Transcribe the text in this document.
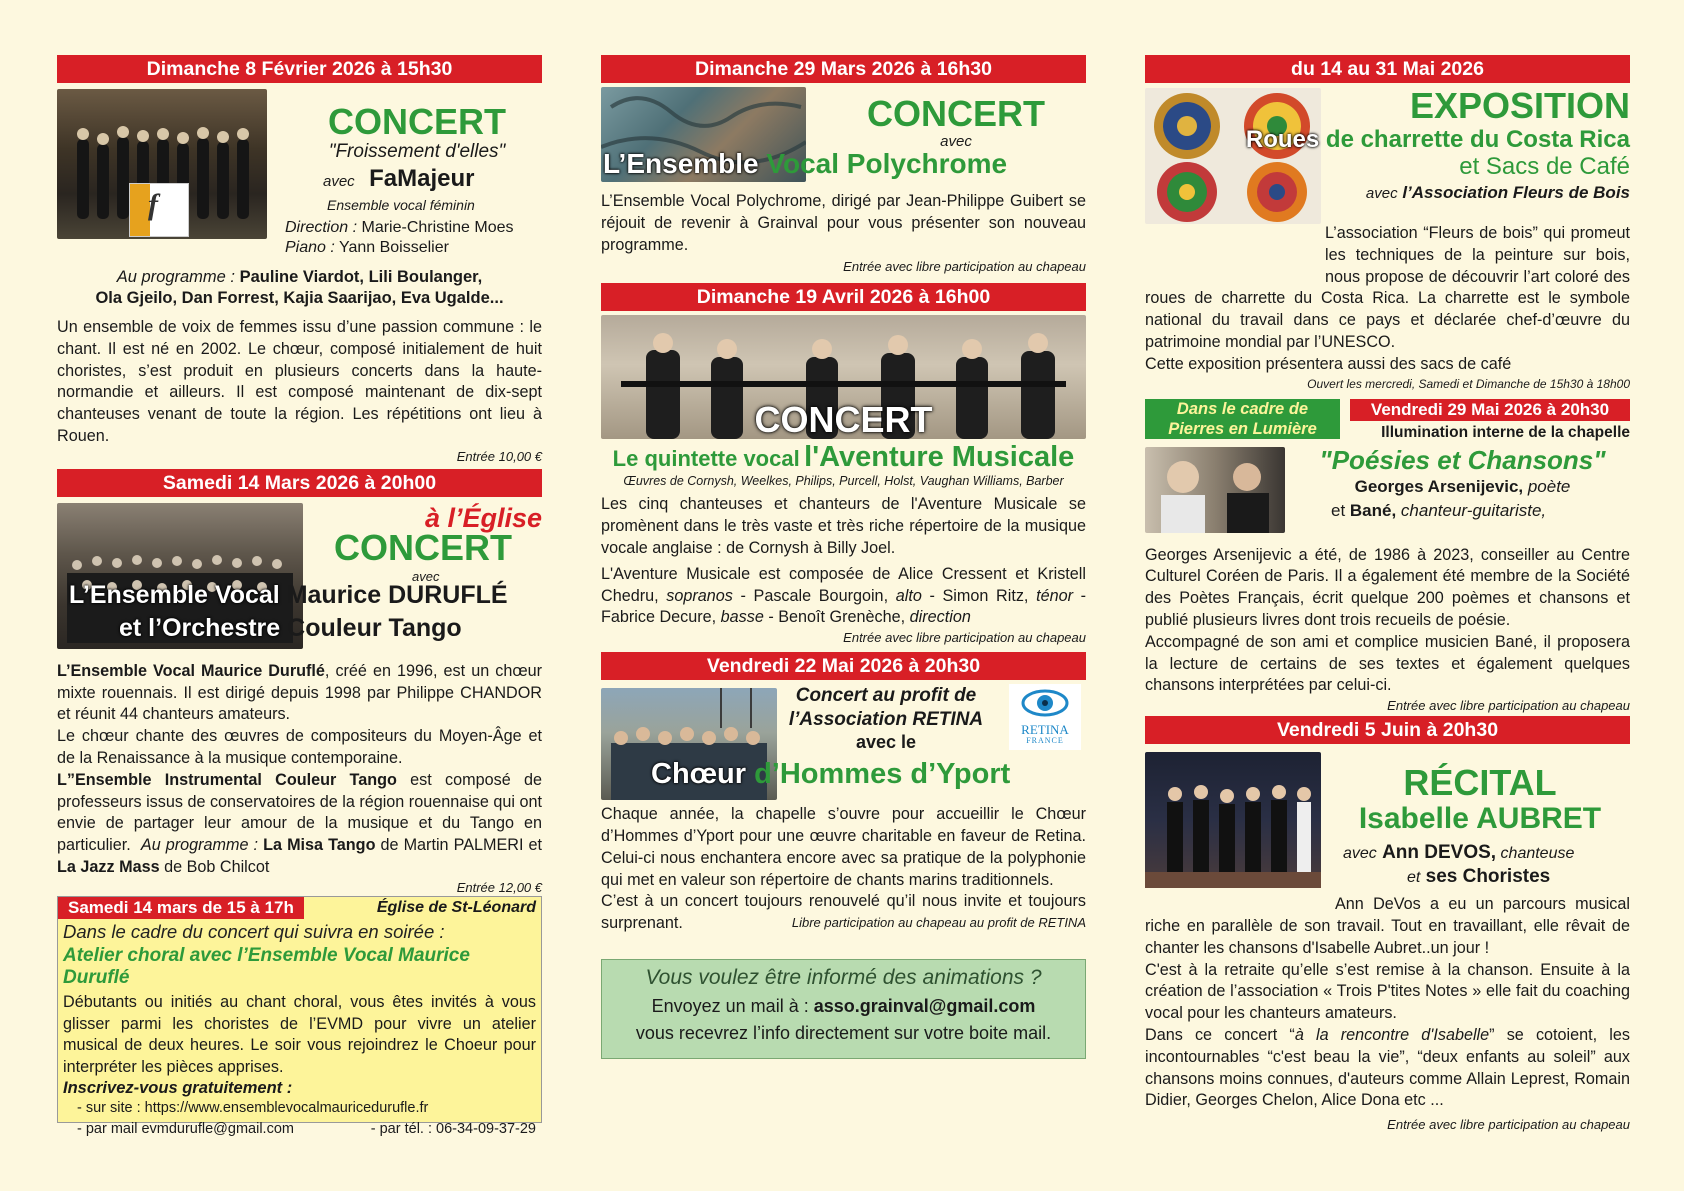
Dimanche 8 Février 2026 à 15h30
f
CONCERT
"Froissement d'elles"
avec FaMajeur
Ensemble vocal féminin
Direction : Marie-Christine Moes
Piano : Yann Boisselier
Au programme : Pauline Viardot, Lili Boulanger,
Ola Gjeilo, Dan Forrest, Kajia Saarijao, Eva Ugalde...
Un ensemble de voix de femmes issu d’une passion commune : le chant. Il est né en 2002. Le chœur, composé initialement de huit choristes, s’est produit en plusieurs concerts dans la haute-normandie et ailleurs. Il est composé maintenant de dix-sept chanteuses venant de toute la région. Les répétitions ont lieu à Rouen.
Entrée 10,00 €
Samedi 14 Mars 2026 à 20h00
à l’Église
CONCERT
avec
L’Ensemble Vocal Maurice DURUFLÉ
et l’Orchestre Couleur Tango

L’Ensemble Vocal Maurice Duruflé, créé en 1996, est un chœur mixte rouennais. Il est dirigé depuis 1998 par Philippe CHANDOR et réunit 44 chanteurs amateurs.

Le chœur chante des œuvres de compositeurs du Moyen-Âge et de la Renaissance à la musique contemporaine.

L”Ensemble Instrumental Couleur Tango est composé de professeurs issus de conservatoires de la région rouennaise qui ont envie de partager leur amour de la musique et du Tango en particulier. Au programme : La Misa Tango de Martin PALMERI et La Jazz Mass de Bob Chilcot

Entrée 12,00 €
Samedi 14 mars de 15 à 17h	Église de St-Léonard
Dans le cadre du concert qui suivra en soirée :
Atelier choral avec l’Ensemble Vocal Maurice Duruflé
Débutants ou initiés au chant choral, vous êtes invités à vous glisser parmi les choristes de l’EVMD pour vivre un atelier musical de deux heures. Le soir vous rejoindrez le Choeur pour interpréter les pièces apprises.
Inscrivez-vous gratuitement :
- sur site : https://www.ensemblevocalmauricedurufle.fr
- par mail evmdurufle@gmail.com	- par tél. : 06-34-09-37-29
Dimanche 29 Mars 2026 à 16h30
CONCERT
avec
L’Ensemble Vocal Polychrome
L’Ensemble Vocal Polychrome, dirigé par Jean-Philippe Guibert se réjouit de revenir à Grainval pour vous présenter son nouveau programme.
Entrée avec libre participation au chapeau
Dimanche 19 Avril 2026 à 16h00
CONCERT
Le quintette vocal l'Aventure Musicale
Œuvres de Cornysh, Weelkes, Philips, Purcell, Holst, Vaughan Williams, Barber
Les cinq chanteuses et chanteurs de l'Aventure Musicale se promènent dans le très vaste et très riche répertoire de la musique vocale anglaise : de Cornysh à Billy Joel.
L'Aventure Musicale est composée de Alice Cressent et Kristell Chedru, sopranos - Pascale Bourgoin, alto - Simon Ritz, ténor - Fabrice Decure, basse - Benoît Grenèche, direction
Entrée avec libre participation au chapeau
Vendredi 22 Mai 2026 à 20h30
Concert au profit de
l’Association RETINA
avec le
RETINA
FRANCE
Chœur d’Hommes d’Yport
Chaque année, la chapelle s’ouvre pour accueillir le Chœur d’Hommes d’Yport pour une œuvre charitable en faveur de Retina. Celui-ci nous enchantera encore avec sa pratique de la polyphonie qui met en valeur son répertoire de chants marins traditionnels.
C’est à un concert toujours renouvelé qu’il nous invite et toujours surprenant.	Libre participation au chapeau au profit de RETINA
Vous voulez être informé des animations ?
Envoyez un mail à : asso.grainval@gmail.com
vous recevrez l’info directement sur votre boite mail.
du 14 au 31 Mai 2026
EXPOSITION
Roues de charrette du Costa Rica
et Sacs de Café
avec l’Association Fleurs de Bois
L’association “Fleurs de bois” qui promeut les techniques de la peinture sur bois, nous propose de découvrir l’art coloré des roues de charrette du Costa Rica. La charrette est le symbole national du travail dans ce pays et déclarée chef-d’œuvre du patrimoine mondial par l’UNESCO.
Cette exposition présentera aussi des sacs de café
Ouvert les mercredi, Samedi et Dimanche de 15h30 à 18h00
Dans le cadre de
Pierres en Lumière
Vendredi 29 Mai 2026 à 20h30
Illumination interne de la chapelle
"Poésies et Chansons"
Georges Arsenijevic, poète
et Bané, chanteur-guitariste,
Georges Arsenijevic a été, de 1986 à 2023, conseiller au Centre Culturel Coréen de Paris. Il a également été membre de la Société des Poètes Français, écrit quelque 200 poèmes et chansons et publié plusieurs livres dont trois recueils de poésie.
Accompagné de son ami et complice musicien Bané, il proposera la lecture de certains de ses textes et également quelques chansons interprétées par celui-ci.
Entrée avec libre participation au chapeau
Vendredi 5 Juin à 20h30
RÉCITAL
Isabelle AUBRET
avec Ann DEVOS, chanteuse
et ses Choristes
Ann DeVos a eu un parcours musical riche en parallèle de son travail. Tout en travaillant, elle rêvait de chanter les chansons d'Isabelle Aubret..un jour !
C'est à la retraite qu’elle s’est remise à la chanson. Ensuite à la création de l’association « Trois P'tites Notes » elle fait du coaching vocal pour les chanteurs amateurs.
Dans ce concert “à la rencontre d'Isabelle” se cotoient, les incontournables “c'est beau la vie”, “deux enfants au soleil” aux chansons moins connues, d'auteurs comme Allain Leprest, Romain Didier, Georges Chelon, Alice Dona etc ...
Entrée avec libre participation au chapeau
